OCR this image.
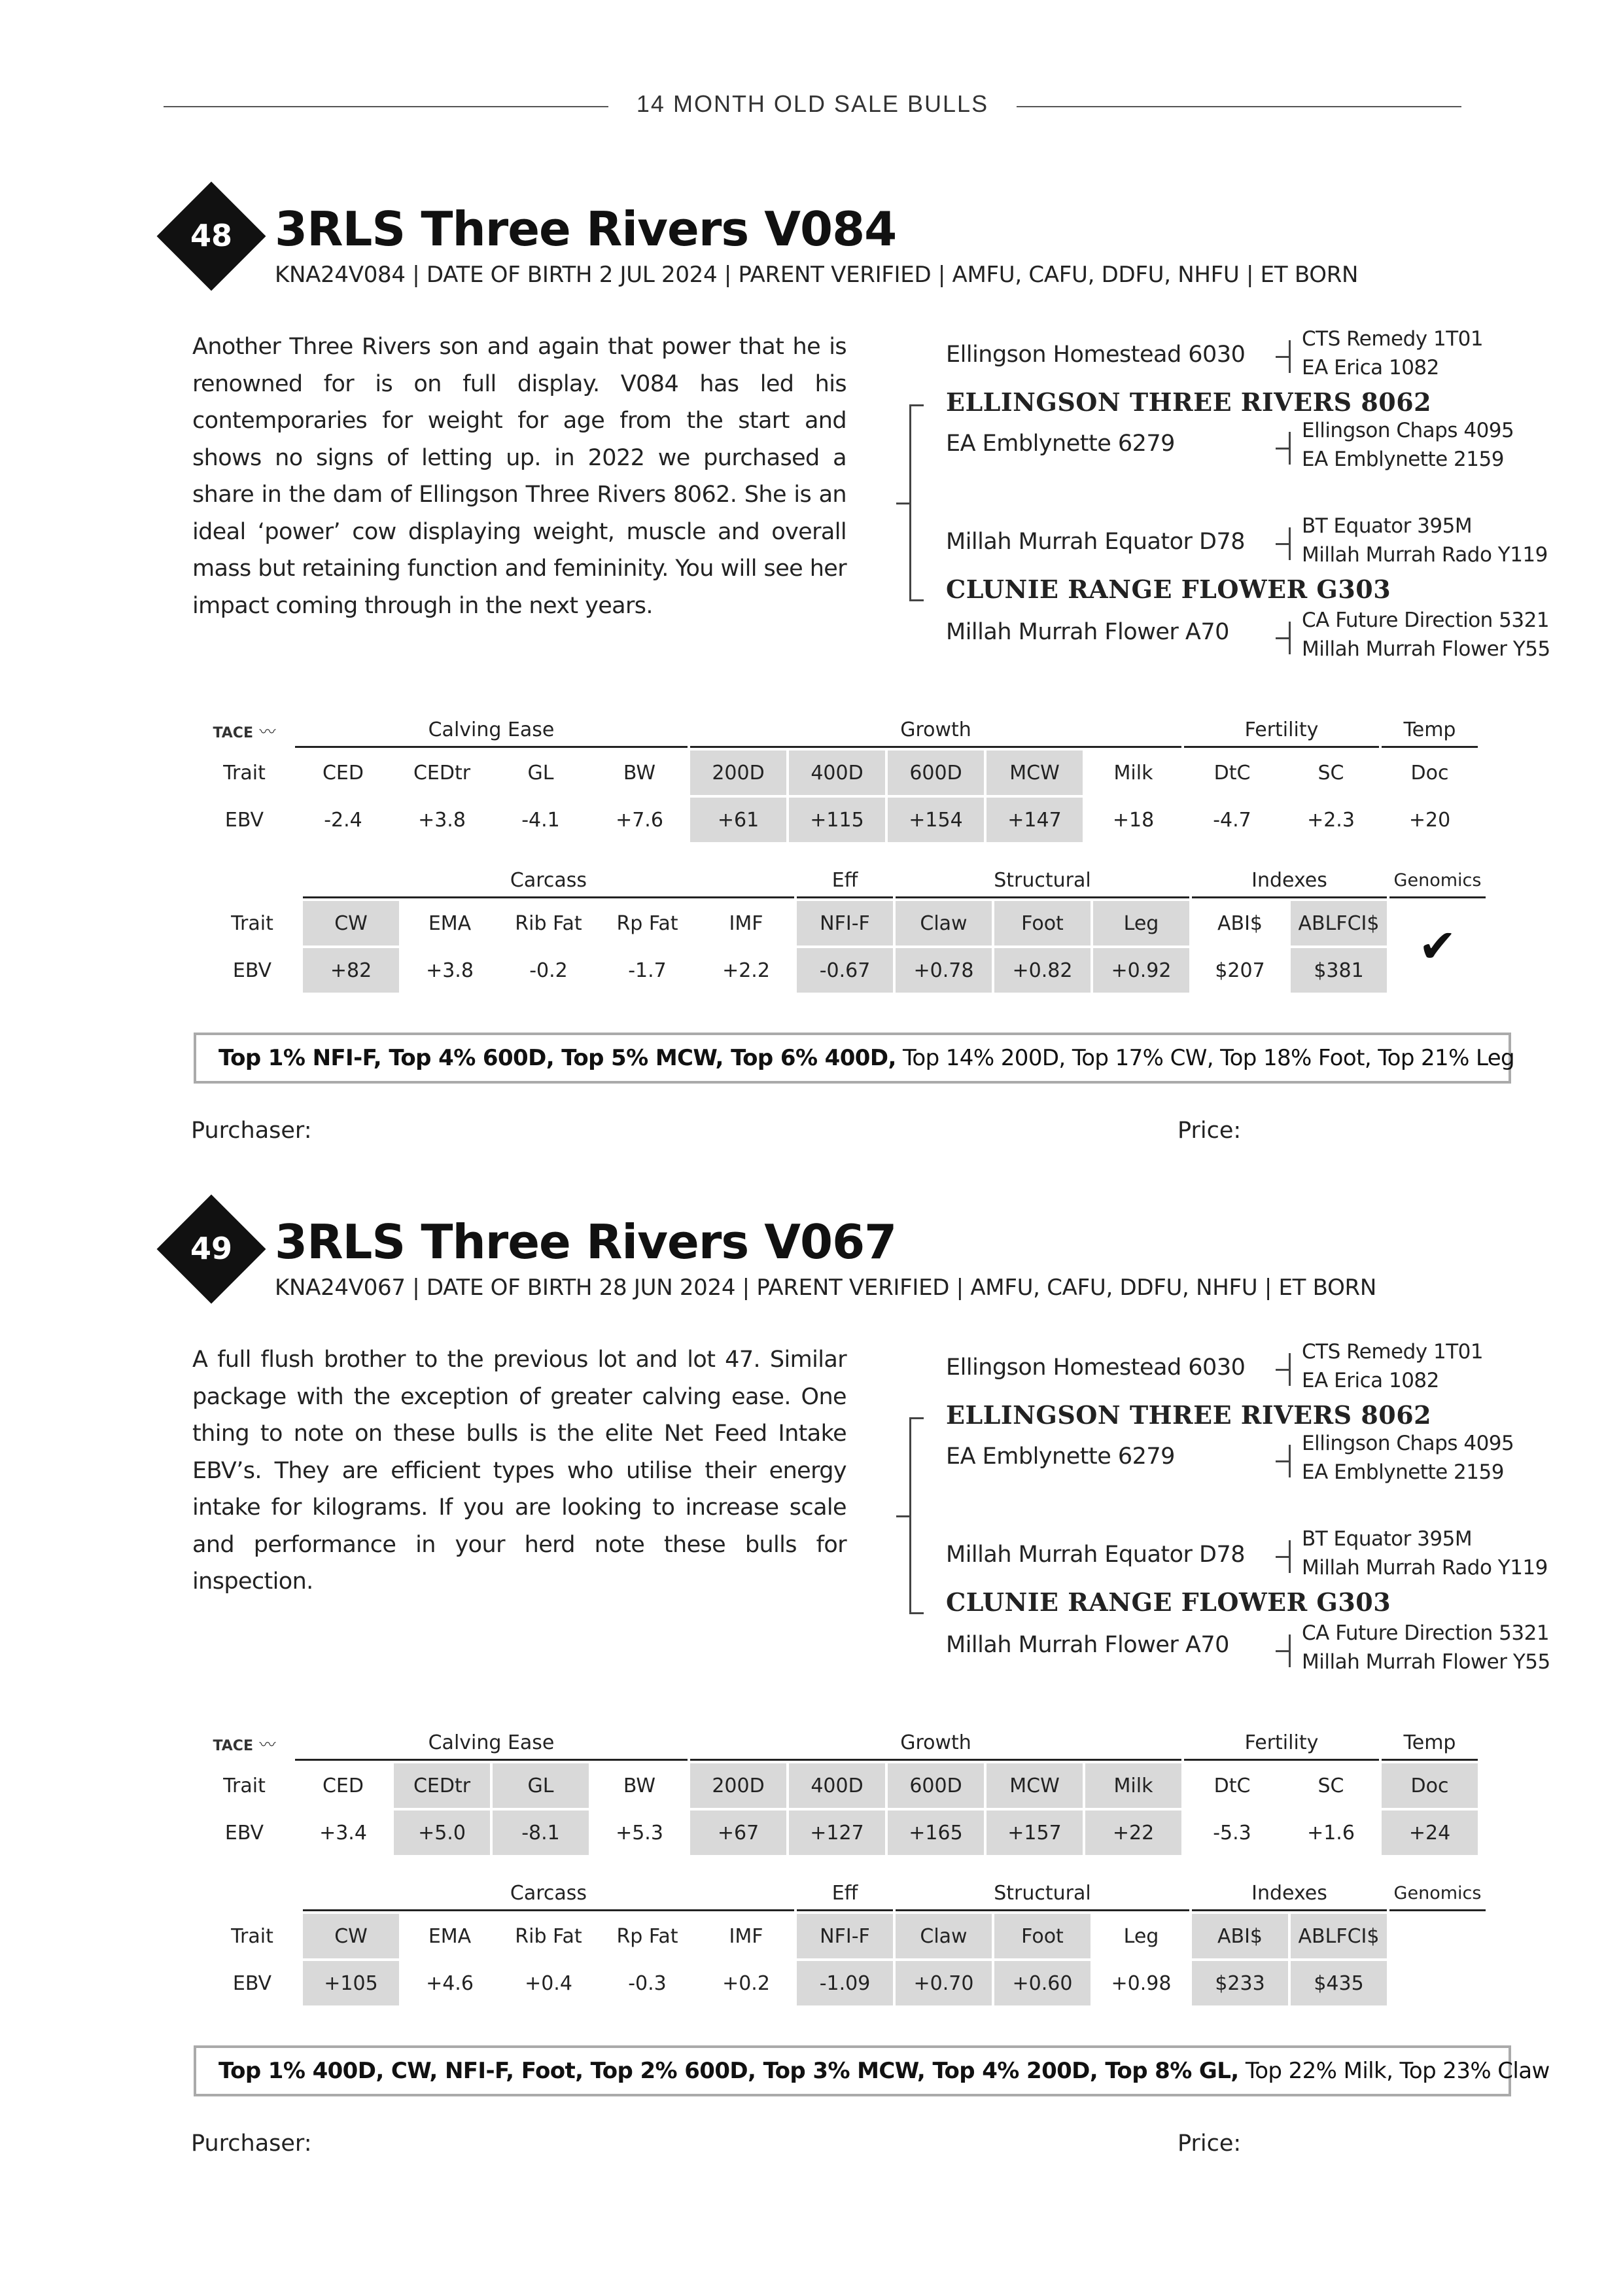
14 MONTH OLD SALE BULLS
48 3RLS Three Rivers V084
KNA24V084 | DATE OF BIRTH 2 JUL 2024 | PARENT VERIFIED | AMFU, CAFU, DDFU, NHFU | ET BORN
Another Three Rivers son and again that power that he is renowned for is on full display. V084 has led his contemporaries for weight for age from the start and shows no signs of letting up. in 2022 we purchased a share in the dam of Ellingson Three Rivers 8062. She is an ideal ‘power’ cow displaying weight, muscle and overall mass but retaining function and femininity. You will see her impact coming through in the next years.
Ellingson Homestead 6030
CTS Remedy 1T01
EA Erica 1082
ELLINGSON THREE RIVERS 8062
EA Emblynette 6279	Ellingson Chaps 4095
EA Emblynette 2159
Millah Murrah Equator D78
BT Equator 395M
Millah Murrah Rado Y119
CLUNIE RANGE FLOWER G303
Millah Murrah Flower A70	CA Future Direction 5321
Millah Murrah Flower Y55
TACE 〰	Calving Ease				Growth					Fertility		Temp
Trait	CED	CEDtr	GL	BW	200D	400D	600D	MCW	Milk	DtC	SC	Doc
EBV	-2.4	+3.8	-4.1	+7.6	+61	+115	+154	+147	+18	-4.7	+2.3	+20
	Carcass					Eff	Structural			Indexes		Genomics
Trait	CW	EMA	Rib Fat	Rp Fat	IMF	NFI-F	Claw	Foot	Leg	ABI$	ABLFCI$	✔
EBV	+82	+3.8	-0.2	-1.7	+2.2	-0.67	+0.78	+0.82	+0.92	$207	$381	
Top 1% NFI-F, Top 4% 600D, Top 5% MCW, Top 6% 400D, Top 14% 200D, Top 17% CW, Top 18% Foot, Top 21% Leg
Purchaser:	Price:
49 3RLS Three Rivers V067
KNA24V067 | DATE OF BIRTH 28 JUN 2024 | PARENT VERIFIED | AMFU, CAFU, DDFU, NHFU | ET BORN
A full flush brother to the previous lot and lot 47. Similar package with the exception of greater calving ease. One thing to note on these bulls is the elite Net Feed Intake EBV’s. They are efficient types who utilise their energy intake for kilograms. If you are looking to increase scale and performance in your herd note these bulls for inspection.
Ellingson Homestead 6030
CTS Remedy 1T01
EA Erica 1082
ELLINGSON THREE RIVERS 8062
EA Emblynette 6279	Ellingson Chaps 4095
EA Emblynette 2159
Millah Murrah Equator D78
BT Equator 395M
Millah Murrah Rado Y119
CLUNIE RANGE FLOWER G303
Millah Murrah Flower A70	CA Future Direction 5321
Millah Murrah Flower Y55
TACE 〰	Calving Ease				Growth					Fertility		Temp
Trait	CED	CEDtr	GL	BW	200D	400D	600D	MCW	Milk	DtC	SC	Doc
EBV	+3.4	+5.0	-8.1	+5.3	+67	+127	+165	+157	+22	-5.3	+1.6	+24
	Carcass					Eff	Structural			Indexes		Genomics
Trait	CW	EMA	Rib Fat	Rp Fat	IMF	NFI-F	Claw	Foot	Leg	ABI$	ABLFCI$	
EBV	+105	+4.6	+0.4	-0.3	+0.2	-1.09	+0.70	+0.60	+0.98	$233	$435	
Top 1% 400D, CW, NFI-F, Foot, Top 2% 600D, Top 3% MCW, Top 4% 200D, Top 8% GL, Top 22% Milk, Top 23% Claw
Purchaser:	Price:
